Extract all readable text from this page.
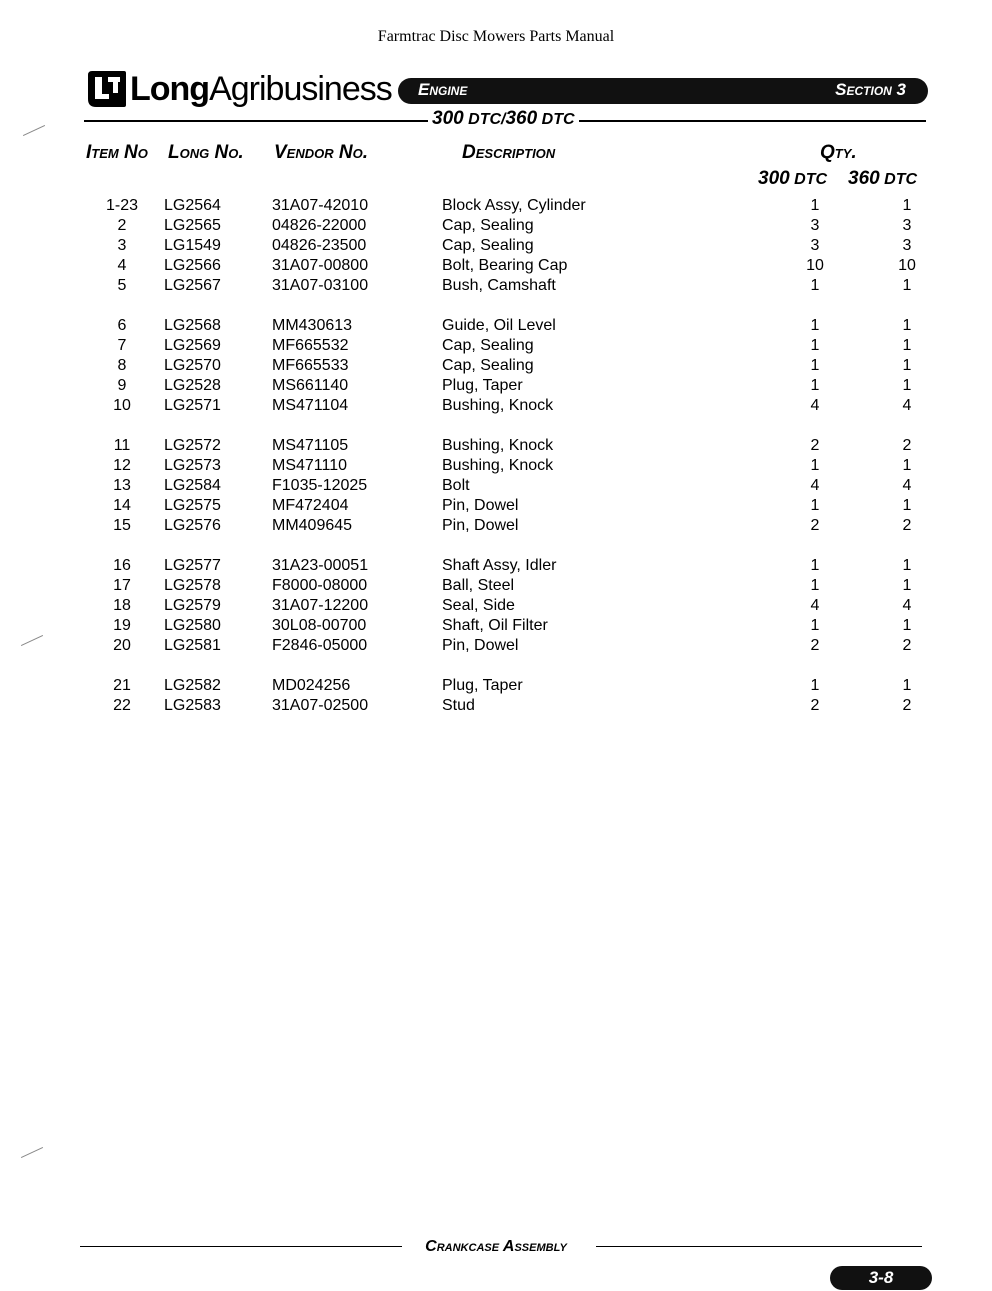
Farmtrac Disc Mowers Parts Manual
LongAgribusiness Engine	Section 3
300 DTC/360 DTC
Item No Long No. Vendor No.	Description	Qty.
300 DTC 360 DTC
1-23	LG2564	31A07-42010	Block Assy, Cylinder	1		1
2	LG2565	04826-22000	Cap, Sealing	3		3
3	LG1549	04826-23500	Cap, Sealing	3		3
4	LG2566	31A07-00800	Bolt, Bearing Cap	10		10
5	LG2567	31A07-03100	Bush, Camshaft	1		1

6	LG2568	MM430613	Guide, Oil Level	1		1
7	LG2569	MF665532	Cap, Sealing	1		1
8	LG2570	MF665533	Cap, Sealing	1		1
9	LG2528	MS661140	Plug, Taper	1		1
10	LG2571	MS471104	Bushing, Knock	4		4

11	LG2572	MS471105	Bushing, Knock	2		2
12	LG2573	MS471110	Bushing, Knock	1		1
13	LG2584	F1035-12025	Bolt	4		4
14	LG2575	MF472404	Pin, Dowel	1		1
15	LG2576	MM409645	Pin, Dowel	2		2

16	LG2577	31A23-00051	Shaft Assy, Idler	1		1
17	LG2578	F8000-08000	Ball, Steel	1		1
18	LG2579	31A07-12200	Seal, Side	4		4
19	LG2580	30L08-00700	Shaft, Oil Filter	1		1
20	LG2581	F2846-05000	Pin, Dowel	2		2

21	LG2582	MD024256	Plug, Taper	1		1
22	LG2583	31A07-02500	Stud	2		2
Crankcase Assembly
3-8
